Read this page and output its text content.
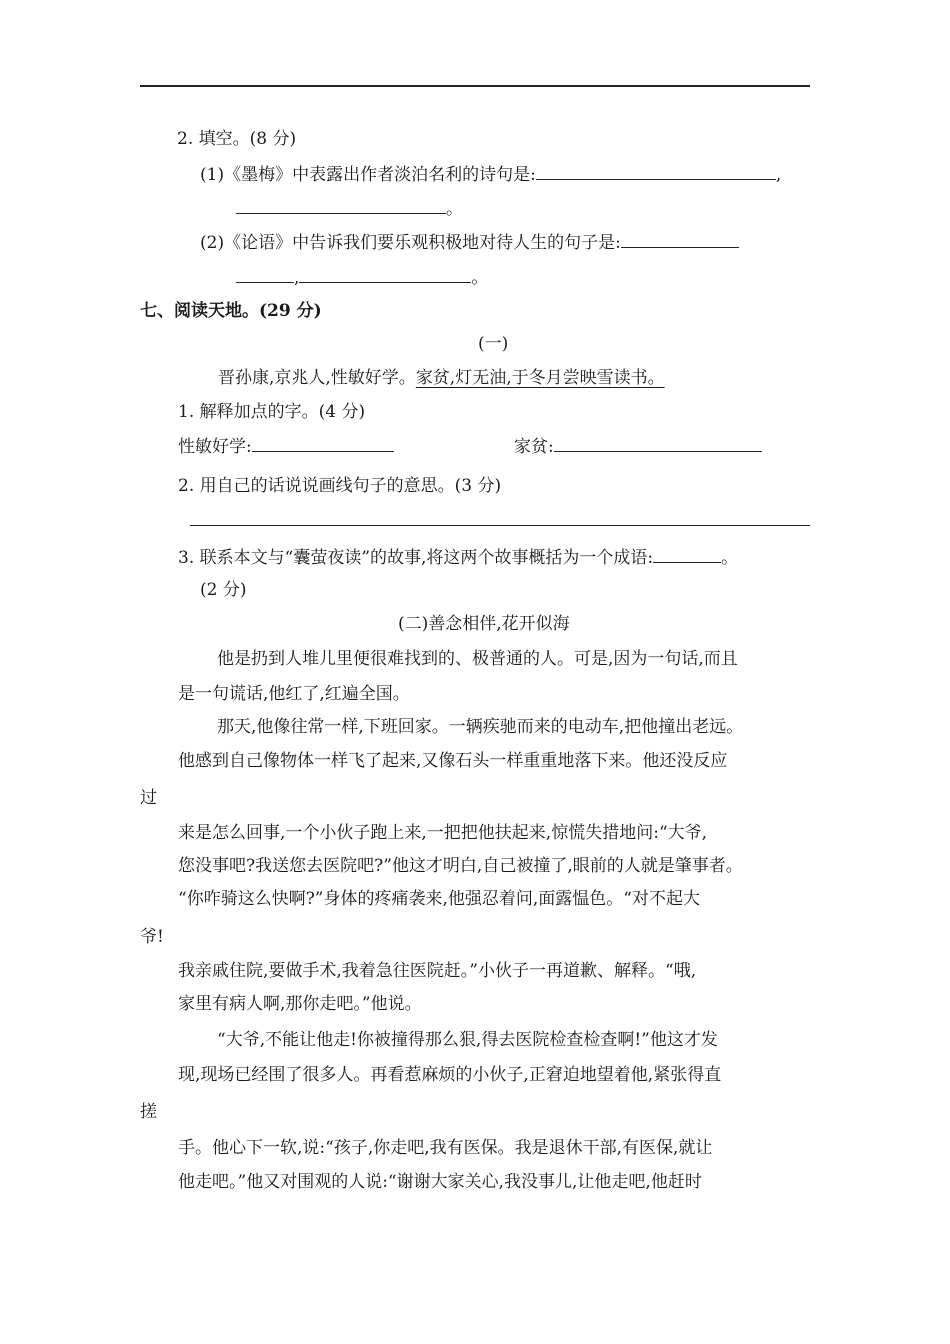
2. 填空。(8 分)
(1)《墨梅》中表露出作者淡泊名利的诗句是:	,
。
(2)《论语》中告诉我们要乐观积极地对待人生的句子是:
,	。
七、阅读天地。(29 分)
(一)
晋孙康,京兆人,性敏好学。家贫,灯无油,于冬月尝映雪读书。
1. 解释加点的字。(4 分)
性敏好学:	家贫:
2. 用自己的话说说画线句子的意思。(3 分)
3. 联系本文与“囊萤夜读”的故事,将这两个故事概括为一个成语:	。
(2 分)
(二)善念相伴,花开似海
他是扔到人堆儿里便很难找到的、极普通的人。可是,因为一句话,而且
是一句谎话,他红了,红遍全国。
那天,他像往常一样,下班回家。一辆疾驰而来的电动车,把他撞出老远。
他感到自己像物体一样飞了起来,又像石头一样重重地落下来。他还没反应
过
来是怎么回事,一个小伙子跑上来,一把把他扶起来,惊慌失措地问:“大爷,
您没事吧?我送您去医院吧?”他这才明白,自己被撞了,眼前的人就是肇事者。
“你咋骑这么快啊?”身体的疼痛袭来,他强忍着问,面露愠色。“对不起大
爷!
我亲戚住院,要做手术,我着急往医院赶。”小伙子一再道歉、解释。“哦,
家里有病人啊,那你走吧。”他说。
“大爷,不能让他走!你被撞得那么狠,得去医院检查检查啊!”他这才发
现,现场已经围了很多人。再看惹麻烦的小伙子,正窘迫地望着他,紧张得直
搓
手。他心下一软,说:“孩子,你走吧,我有医保。我是退休干部,有医保,就让
他走吧。”他又对围观的人说:“谢谢大家关心,我没事儿,让他走吧,他赶时
